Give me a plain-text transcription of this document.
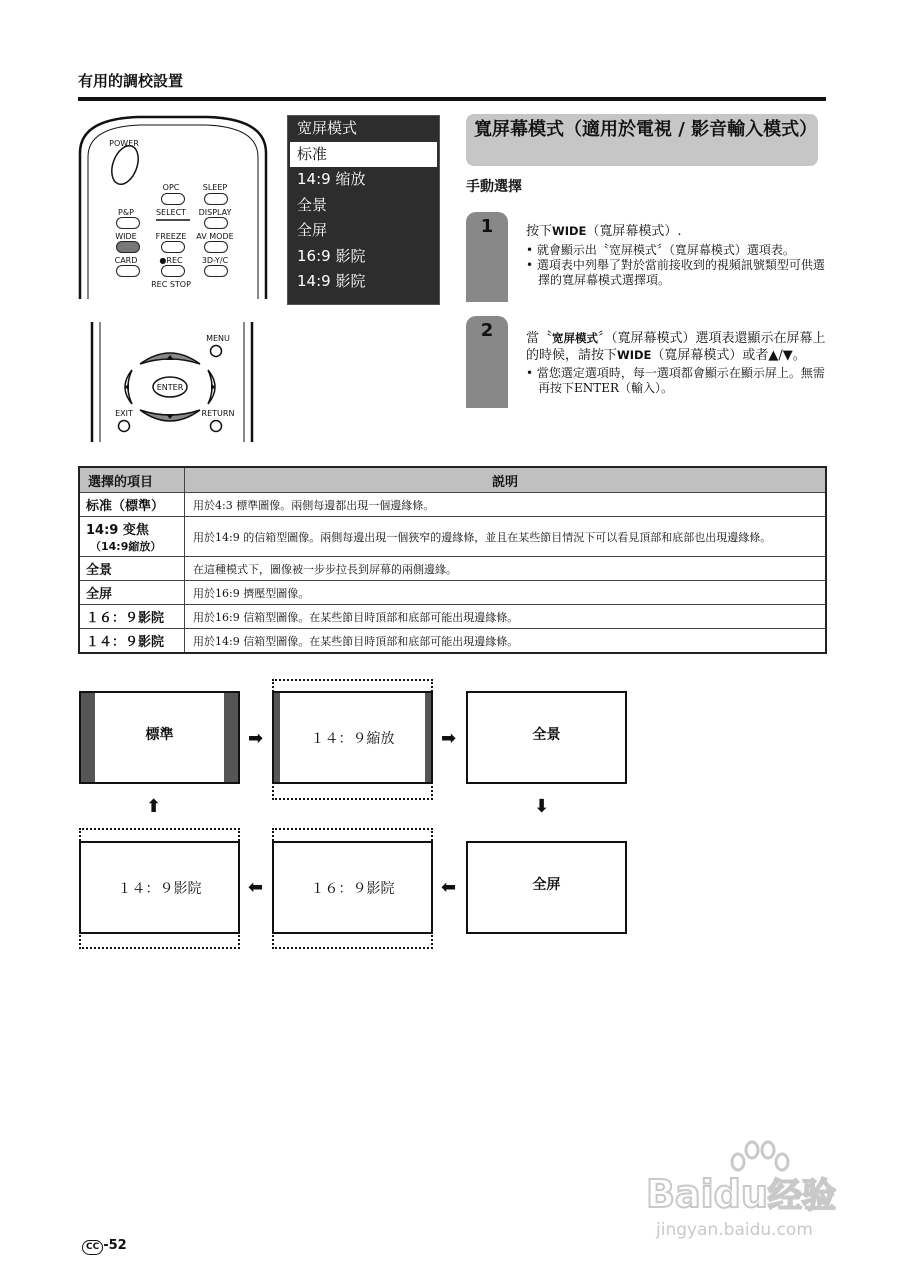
有用的調校設置
POWER
OPC	SLEEP
P&P	SELECT	DISPLAY
WIDE	FREEZE	AV MODE
CARD	●REC	3D-Y/C
REC STOP
宽屏模式
标准
14:9 缩放
全景
全屏
16:9 影院
14:9 影院
寬屏幕模式（適用於電視 / 影音輸入模式）
手動選擇
1	按下WIDE（寬屏幕模式）.
• 就會顯示出〝宽屏模式〞（寬屏幕模式）選項表。
• 選項表中列舉了對於當前接收到的視頻訊號類型可供選擇的寬屏幕模式選擇項。
2	當〝宽屏模式〞（寬屏幕模式）選項表還顯示在屏幕上的時候，請按下WIDE（寬屏幕模式）或者▲/▼。
• 當您選定選項時，每一選項都會顯示在顯示屏上。無需再按下ENTER（輸入）。
MENU
ENTER
EXIT	RETURN
選擇的項目	説明
标准（標準）	用於4:3 標準圖像。兩側每邊都出現一個邊緣條。
14:9 变焦
（14:9縮放）	用於14:9 的信箱型圖像。兩側每邊出現一個狹窄的邊緣條，並且在某些節目情況下可以看見頂部和底部也出現邊緣條。
全景	在這種模式下，圖像被一步步拉長到屏幕的兩側邊緣。
全屏	用於16:9 擠壓型圖像。
１６：９影院	用於16:9 信箱型圖像。在某些節目時頂部和底部可能出現邊緣條。
１４：９影院	用於14:9 信箱型圖像。在某些節目時頂部和底部可能出現邊緣條。
標準	➡	１４：９縮放	➡	全景
⬆	⬇
１４：９影院	⬅	１６：９影院	⬅	全屏
Baidu经验
jingyan.baidu.com
CC -52
